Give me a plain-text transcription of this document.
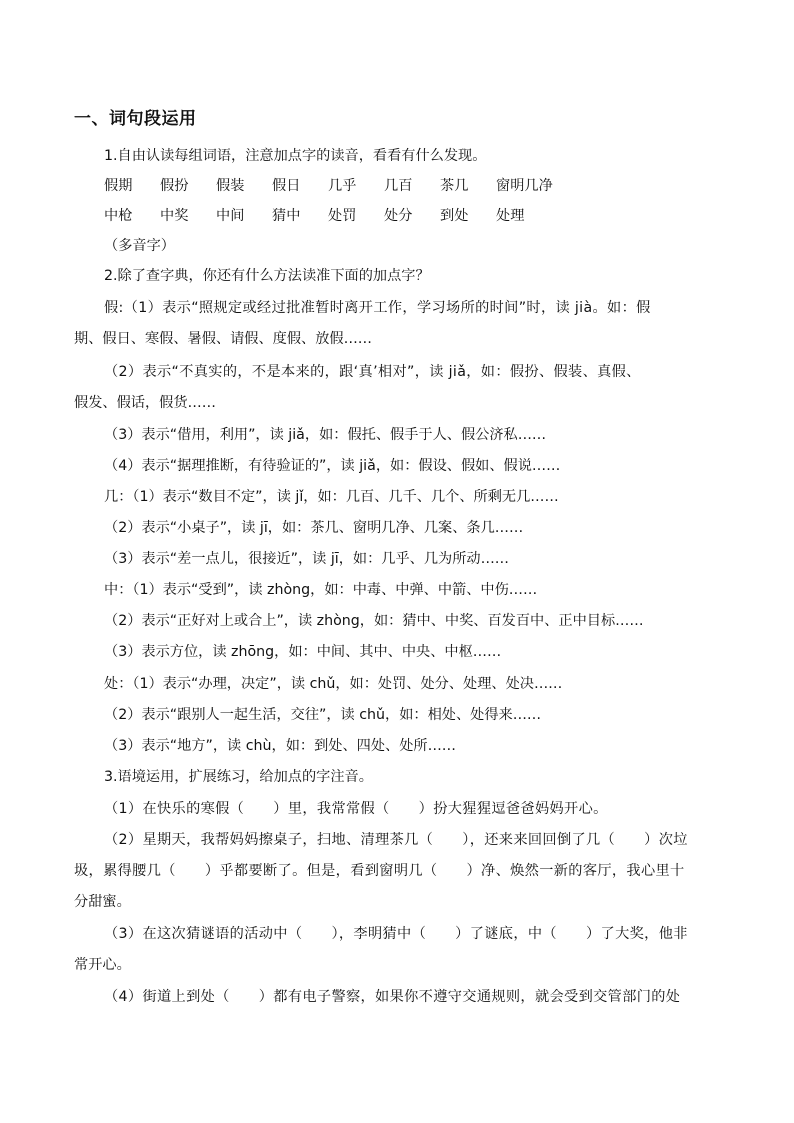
一、词句段运用
1.自由认读每组词语，注意加点字的读音，看看有什么发现。
假期 假扮 假装 假日 几乎 几百 茶几 窗明几净
中枪 中奖 中间 猜中 处罚 处分 到处 处理
（多音字）
2.除了查字典，你还有什么方法读准下面的加点字？
假:（1）表示“照规定或经过批准暂时离开工作，学习场所的时间”时，读 jià。如：假
期、假日、寒假、暑假、请假、度假、放假……
（2）表示“不真实的，不是本来的，跟‘真’相对”，读 jiǎ，如：假扮、假装、真假、
假发、假话，假货……
（3）表示“借用，利用”，读 jiǎ，如：假托、假手于人、假公济私……
（4）表示“据理推断，有待验证的”，读 jiǎ，如：假设、假如、假说……
几：（1）表示“数目不定”，读 jǐ，如：几百、几千、几个、所剩无几……
（2）表示“小桌子”，读 jī，如：茶几、窗明几净、几案、条几……
（3）表示“差一点儿，很接近”，读 jī，如：几乎、几为所动……
中：（1）表示“受到”，读 zhòng，如：中毒、中弹、中箭、中伤……
（2）表示“正好对上或合上”，读 zhòng，如：猜中、中奖、百发百中、正中目标……
（3）表示方位，读 zhōng，如：中间、其中、中央、中枢……
处：（1）表示“办理，决定”，读 chǔ，如：处罚、处分、处理、处决……
（2）表示“跟别人一起生活，交往”，读 chǔ，如：相处、处得来……
（3）表示“地方”，读 chù，如：到处、四处、处所……
3.语境运用，扩展练习，给加点的字注音。
（1）在快乐的寒假（　　）里，我常常假（　　）扮大猩猩逗爸爸妈妈开心。
（2）星期天，我帮妈妈擦桌子，扫地、清理茶几（　　），还来来回回倒了几（　　）次垃
圾，累得腰几（　　）乎都要断了。但是，看到窗明几（　　）净、焕然一新的客厅，我心里十
分甜蜜。
（3）在这次猜谜语的活动中（　　），李明猜中（　　）了谜底，中（　　）了大奖，他非
常开心。
（4）街道上到处（　　）都有电子警察，如果你不遵守交通规则，就会受到交管部门的处
